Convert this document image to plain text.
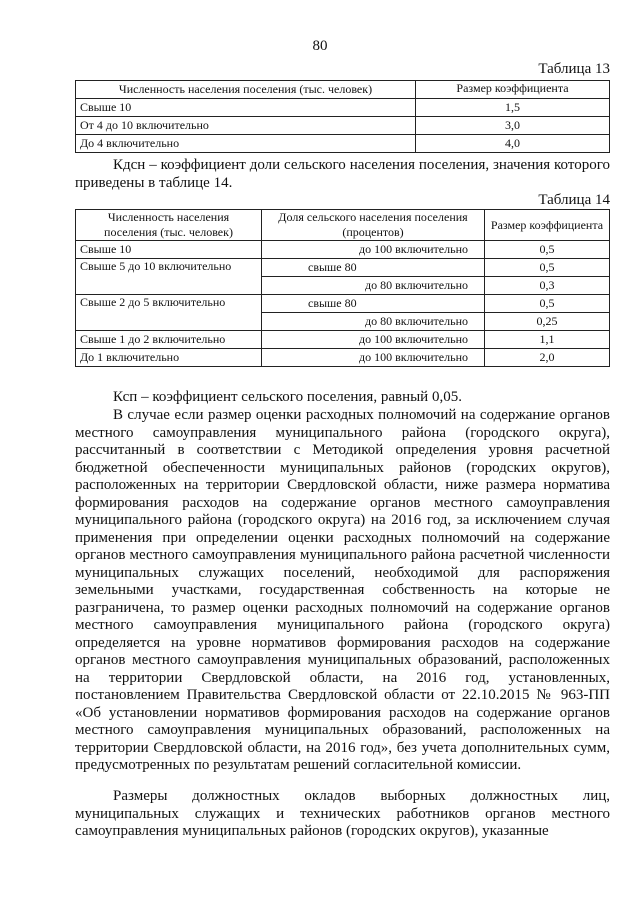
80
Таблица 13
Численность населения поселения (тыс. человек)	Размер коэффициента
Свыше 10	1,5
От 4 до 10 включительно	3,0
До 4 включительно	4,0

Кдсн – коэффициент доли сельского населения поселения, значения которого приведены в таблице 14.

Таблица 14
Численность населения поселения (тыс. человек)	Доля сельского населения поселения (процентов)	Размер коэффициента
Свыше 10	до 100 включительно	0,5
Свыше 5 до 10 включительно	свыше 80	0,5
	до 80 включительно	0,3
Свыше 2 до 5 включительно	свыше 80	0,5
	до 80 включительно	0,25
Свыше 1 до 2 включительно	до 100 включительно	1,1
До 1 включительно	до 100 включительно	2,0

Ксп – коэффициент сельского поселения, равный 0,05.

В случае если размер оценки расходных полномочий на содержание органов местного самоуправления муниципального района (городского округа), рассчитанный в соответствии с Методикой определения уровня расчетной бюджетной обеспеченности муниципальных районов (городских округов), расположенных на территории Свердловской области, ниже размера норматива формирования расходов на содержание органов местного самоуправления муниципального района (городского округа) на 2016 год, за исключением случая применения при определении оценки расходных полномочий на содержание органов местного самоуправления муниципального района расчетной численности муниципальных служащих поселений, необходимой для распоряжения земельными участками, государственная собственность на которые не разграничена, то размер оценки расходных полномочий на содержание органов местного самоуправления муниципального района (городского округа) определяется на уровне нормативов формирования расходов на содержание органов местного самоуправления муниципальных образований, расположенных на территории Свердловской области, на 2016 год, установленных, постановлением Правительства Свердловской области от 22.10.2015 № 963-ПП «Об установлении нормативов формирования расходов на содержание органов местного самоуправления муниципальных образований, расположенных на территории Свердловской области, на 2016 год», без учета дополнительных сумм, предусмотренных по результатам решений согласительной комиссии.

Размеры должностных окладов выборных должностных лиц, муниципальных служащих и технических работников органов местного самоуправления муниципальных районов (городских округов), указанные
